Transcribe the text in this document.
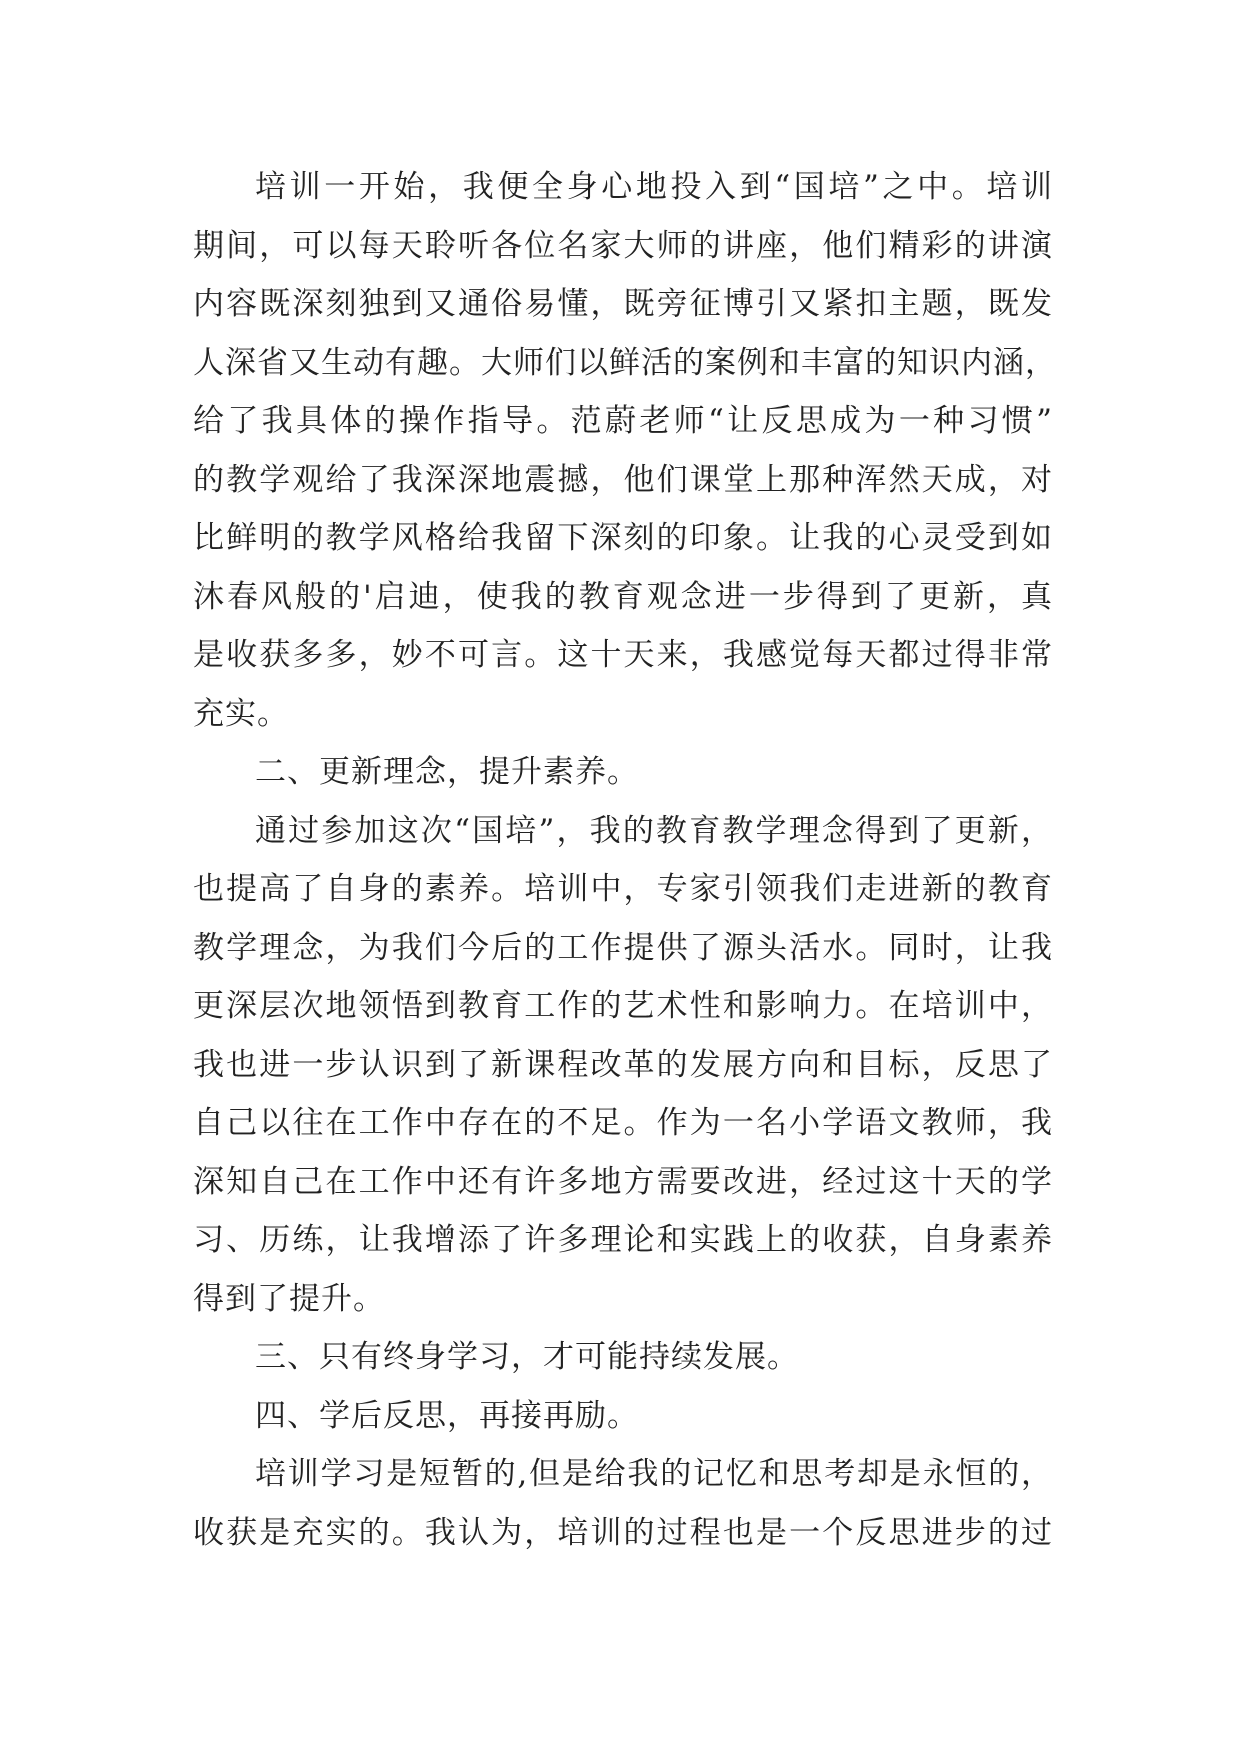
培训一开始，我便全身心地投入到“国培”之中。培训
期间，可以每天聆听各位名家大师的讲座，他们精彩的讲演
内容既深刻独到又通俗易懂，既旁征博引又紧扣主题，既发
人深省又生动有趣。大师们以鲜活的案例和丰富的知识内涵，
给了我具体的操作指导。范蔚老师“让反思成为一种习惯”
的教学观给了我深深地震撼，他们课堂上那种浑然天成，对
比鲜明的教学风格给我留下深刻的印象。让我的心灵受到如
沐春风般的'启迪，使我的教育观念进一步得到了更新，真
是收获多多，妙不可言。这十天来，我感觉每天都过得非常
充实。
二、更新理念，提升素养。
通过参加这次“国培”，我的教育教学理念得到了更新，
也提高了自身的素养。培训中，专家引领我们走进新的教育
教学理念，为我们今后的工作提供了源头活水。同时，让我
更深层次地领悟到教育工作的艺术性和影响力。在培训中，
我也进一步认识到了新课程改革的发展方向和目标，反思了
自己以往在工作中存在的不足。作为一名小学语文教师，我
深知自己在工作中还有许多地方需要改进，经过这十天的学
习、历练，让我增添了许多理论和实践上的收获，自身素养
得到了提升。
三、只有终身学习，才可能持续发展。
四、学后反思，再接再励。
培训学习是短暂的,但是给我的记忆和思考却是永恒的，
收获是充实的。我认为，培训的过程也是一个反思进步的过
